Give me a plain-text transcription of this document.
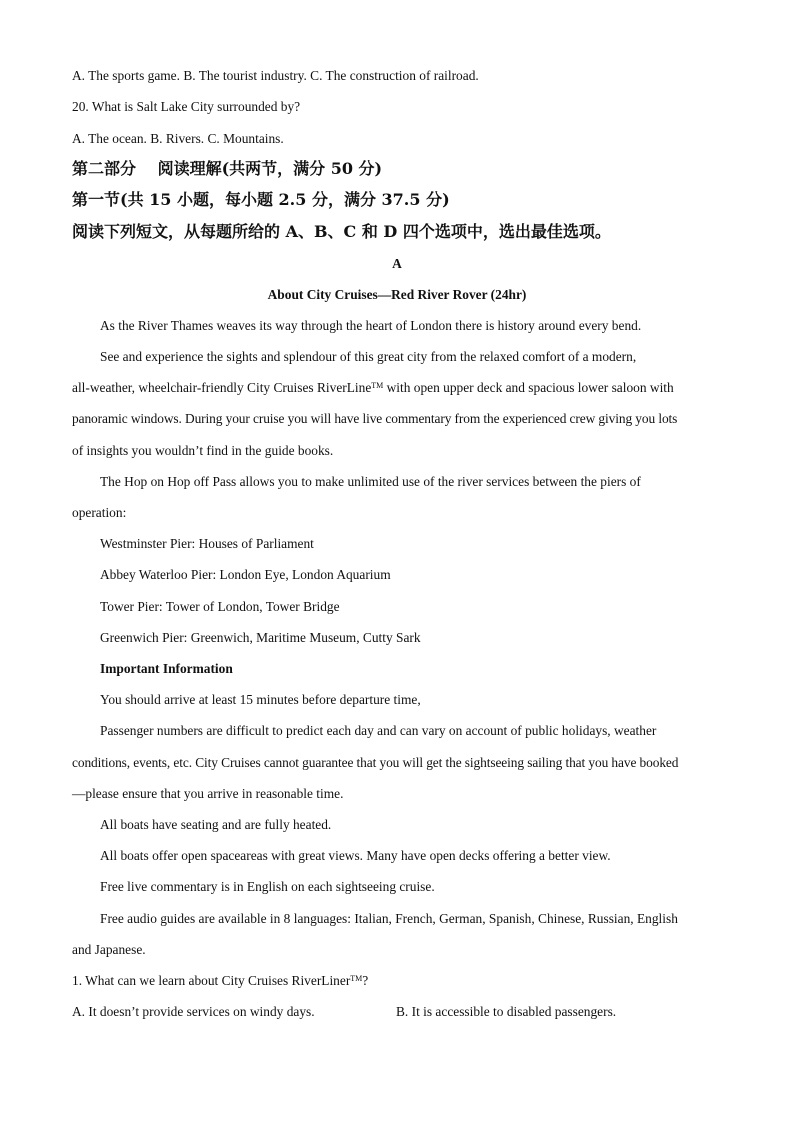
A. The sports game. B. The tourist industry. C. The construction of railroad.
20. What is Salt Lake City surrounded by?
A. The ocean. B. Rivers. C. Mountains.
第二部分　 阅读理解(共两节，满分 50 分)
第一节(共 15 小题，每小题 2.5 分，满分 37.5 分)
阅读下列短文，从每题所给的 A、B、C 和 D 四个选项中，选出最佳选项。
A
About City Cruises—Red River Rover (24hr)
As the River Thames weaves its way through the heart of London there is history around every bend.
See and experience the sights and splendour of this great city from the relaxed comfort of a modern,
all-weather, wheelchair-friendly City Cruises RiverLine™ with open upper deck and spacious lower saloon with
panoramic windows. During your cruise you will have live commentary from the experienced crew giving you lots
of insights you wouldn’t find in the guide books.
The Hop on Hop off Pass allows you to make unlimited use of the river services between the piers of
operation:
Westminster Pier: Houses of Parliament
Abbey Waterloo Pier: London Eye, London Aquarium
Tower Pier: Tower of London, Tower Bridge
Greenwich Pier: Greenwich, Maritime Museum, Cutty Sark
Important Information
You should arrive at least 15 minutes before departure time,
Passenger numbers are difficult to predict each day and can vary on account of public holidays, weather
conditions, events, etc. City Cruises cannot guarantee that you will get the sightseeing sailing that you have booked
—please ensure that you arrive in reasonable time.
All boats have seating and are fully heated.
All boats offer open spaceareas with great views. Many have open decks offering a better view.
Free live commentary is in English on each sightseeing cruise.
Free audio guides are available in 8 languages: Italian, French, German, Spanish, Chinese, Russian, English
and Japanese.
1. What can we learn about City Cruises RiverLiner™?
A. It doesn’t provide services on windy days.	B. It is accessible to disabled passengers.
